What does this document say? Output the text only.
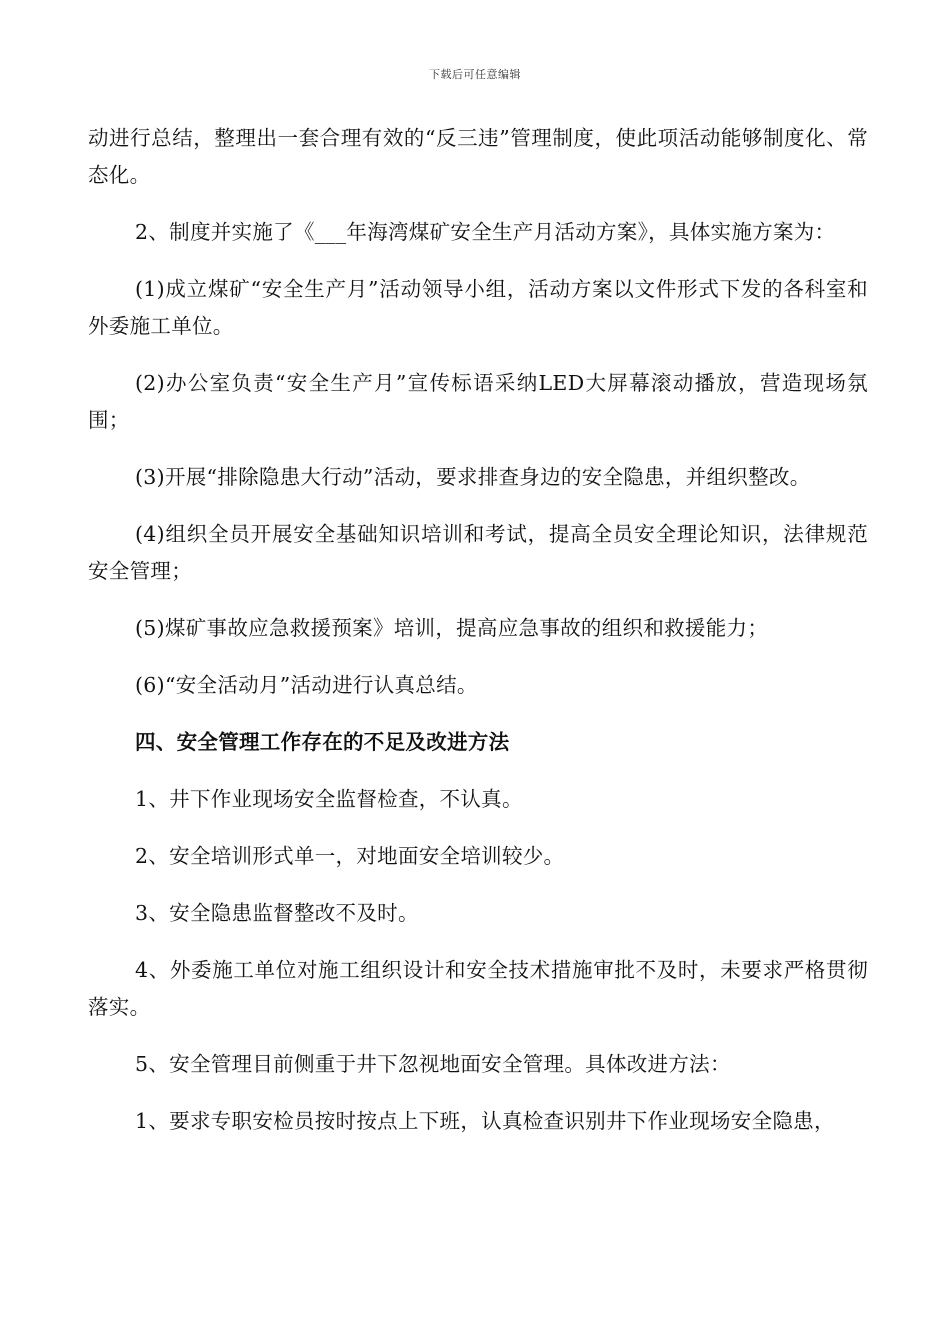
下载后可任意编辑

动进行总结，整理出一套合理有效的“反三违”管理制度，使此项活动能够制度化、常态化。

2、制度并实施了《___年海湾煤矿安全生产月活动方案》，具体实施方案为：

(1)成立煤矿“安全生产月”活动领导小组，活动方案以文件形式下发的各科室和外委施工单位。

(2)办公室负责“安全生产月”宣传标语采纳LED大屏幕滚动播放，营造现场氛围；

(3)开展“排除隐患大行动”活动，要求排查身边的安全隐患，并组织整改。

(4)组织全员开展安全基础知识培训和考试，提高全员安全理论知识，法律规范安全管理；

(5)煤矿事故应急救援预案》培训，提高应急事故的组织和救援能力；

(6)“安全活动月”活动进行认真总结。

四、安全管理工作存在的不足及改进方法

1、井下作业现场安全监督检查，不认真。

2、安全培训形式单一，对地面安全培训较少。

3、安全隐患监督整改不及时。

4、外委施工单位对施工组织设计和安全技术措施审批不及时，未要求严格贯彻落实。

5、安全管理目前侧重于井下忽视地面安全管理。具体改进方法：

1、要求专职安检员按时按点上下班，认真检查识别井下作业现场安全隐患，
